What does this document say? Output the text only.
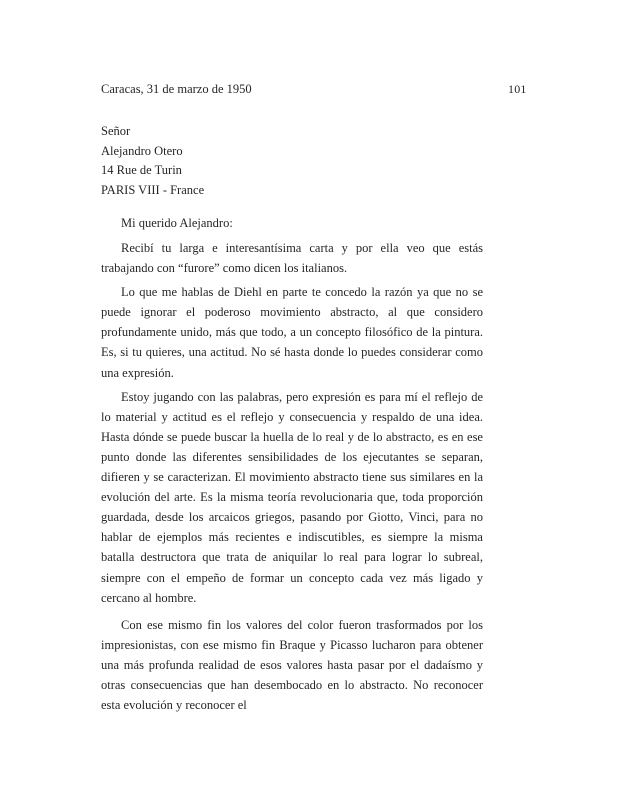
Caracas, 31 de marzo de 1950	101
Señor
Alejandro Otero
14 Rue de Turin
PARIS VIII - France
Mi querido Alejandro:

Recibí tu larga e interesantísima carta y por ella veo que estás trabajando con “furore” como dicen los italianos.

Lo que me hablas de Diehl en parte te concedo la razón ya que no se puede ignorar el poderoso movimiento abstracto, al que considero profundamente unido, más que todo, a un concepto filosófico de la pintura. Es, si tu quieres, una actitud. No sé hasta donde lo puedes considerar como una expresión.

Estoy jugando con las palabras, pero expresión es para mí el reflejo de lo material y actitud es el reflejo y consecuencia y respaldo de una idea. Hasta dónde se puede buscar la huella de lo real y de lo abstracto, es en ese punto donde las diferentes sensibilidades de los ejecutantes se separan, difieren y se caracterizan. El movimiento abstracto tiene sus similares en la evolución del arte. Es la misma teoría revolucionaria que, toda proporción guardada, desde los arcaicos griegos, pasando por Giotto, Vinci, para no hablar de ejemplos más recientes e indiscutibles, es siempre la misma batalla destructora que trata de aniquilar lo real para lograr lo subreal, siempre con el empeño de formar un concepto cada vez más ligado y cercano al hombre.

Con ese mismo fin los valores del color fueron trasformados por los impresionistas, con ese mismo fin Braque y Picasso lucharon para obtener una más profunda realidad de esos valores hasta pasar por el dadaísmo y otras consecuencias que han desembocado en lo abstracto. No reconocer esta evolución y reconocer el
